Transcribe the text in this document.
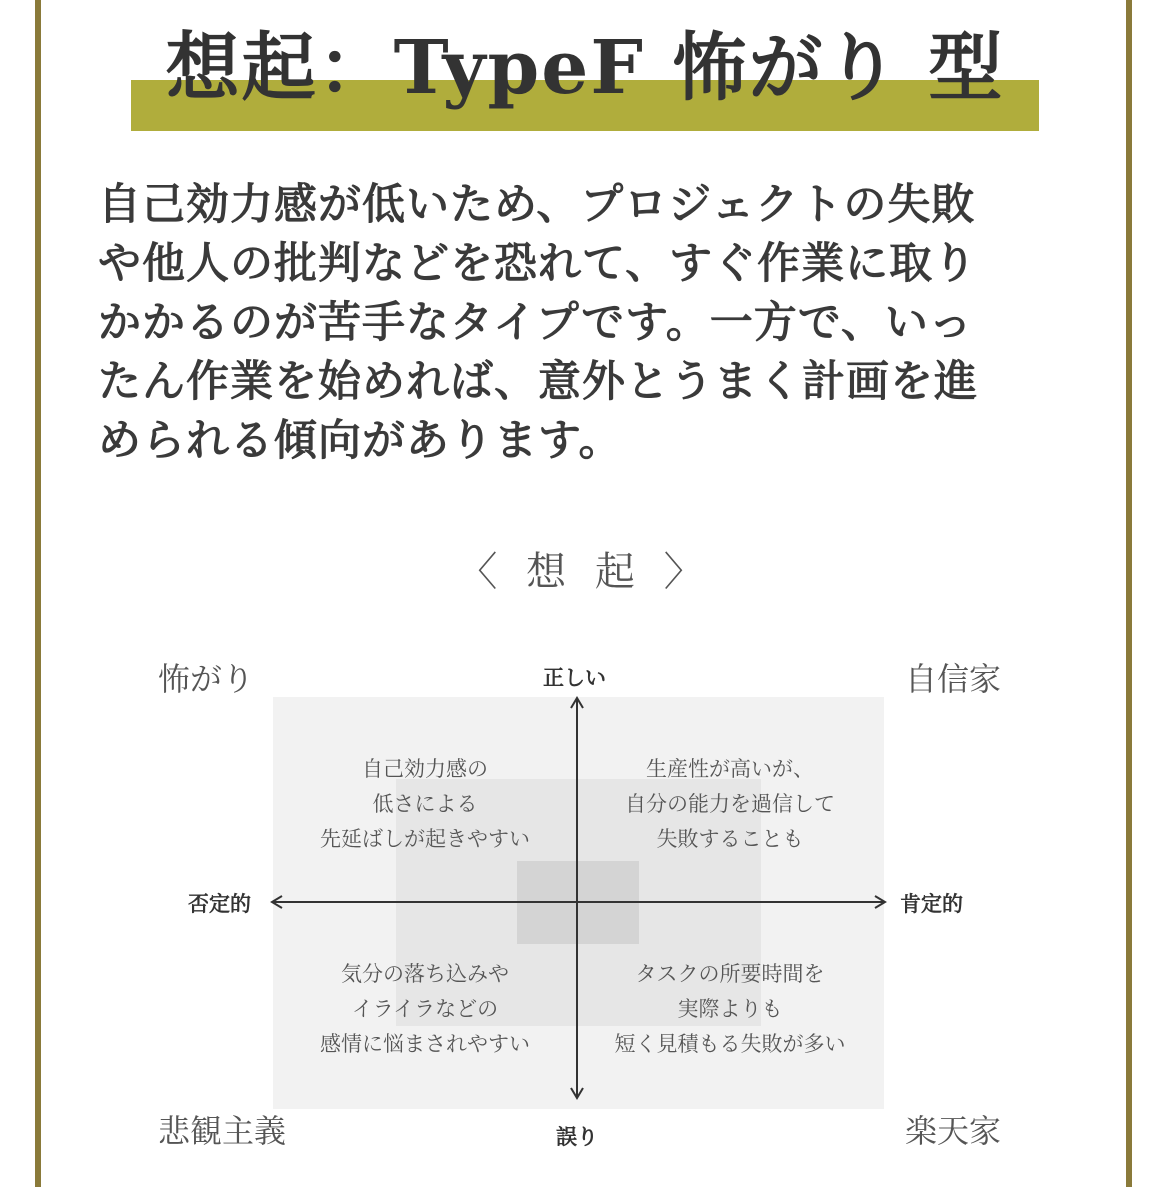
想起：TypeF 怖がり 型
自己効力感が低いため、プロジェクトの失敗
や他人の批判などを恐れて、すぐ作業に取り
かかるのが苦手なタイプです。一方で、いっ
たん作業を始めれば、意外とうまく計画を進
められる傾向があります。
〈 想 起 〉
怖がり	自信家
悲観主義	楽天家
正しい
誤り
否定的	肯定的
自己効力感の
低さによる
先延ばしが起きやすい
生産性が高いが、
自分の能力を過信して
失敗することも
気分の落ち込みや
イライラなどの
感情に悩まされやすい
タスクの所要時間を
実際よりも
短く見積もる失敗が多い
